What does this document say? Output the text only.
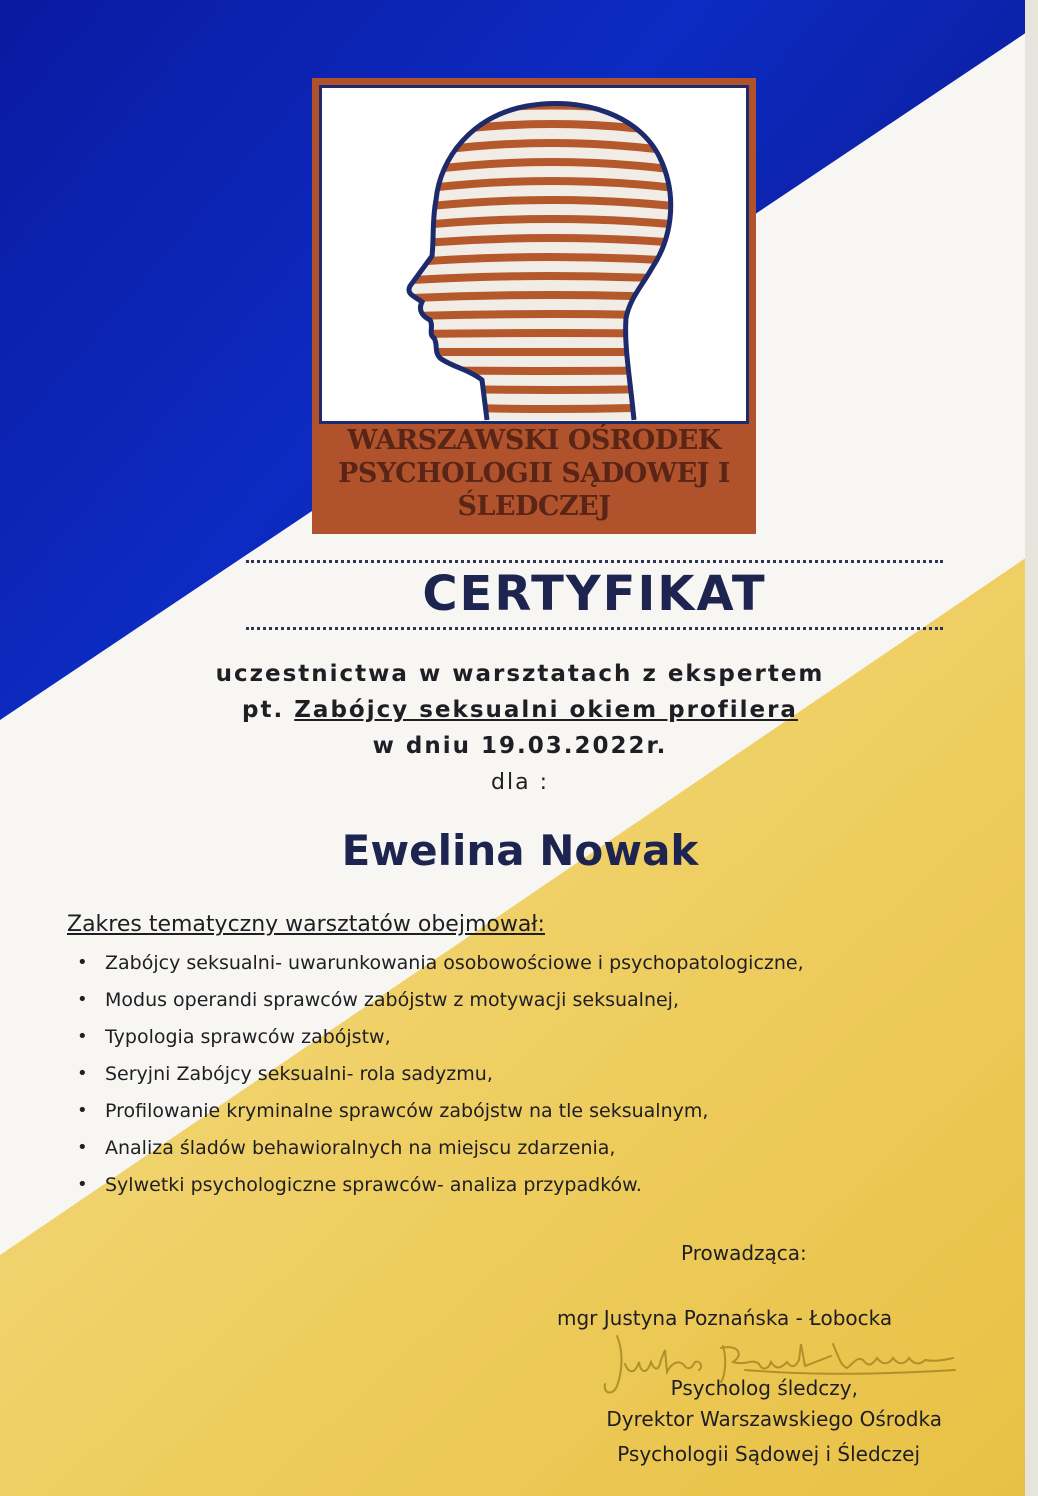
WARSZAWSKI OŚRODEK
PSYCHOLOGII SĄDOWEJ I
ŚLEDCZEJ
CERTYFIKAT
uczestnictwa w warsztatach z ekspertem
pt. Zabójcy seksualni okiem profilera
w dniu 19.03.2022r.
dla :
Ewelina Nowak
Zakres tematyczny warsztatów obejmował:
• Zabójcy seksualni- uwarunkowania osobowościowe i psychopatologiczne,
• Modus operandi sprawców zabójstw z motywacji seksualnej,
• Typologia sprawców zabójstw,
• Seryjni Zabójcy seksualni- rola sadyzmu,
• Profilowanie kryminalne sprawców zabójstw na tle seksualnym,
• Analiza śladów behawioralnych na miejscu zdarzenia,
• Sylwetki psychologiczne sprawców- analiza przypadków.
Prowadząca:
mgr Justyna Poznańska - Łobocka
Psycholog śledczy,
Dyrektor Warszawskiego Ośrodka
Psychologii Sądowej i Śledczej
